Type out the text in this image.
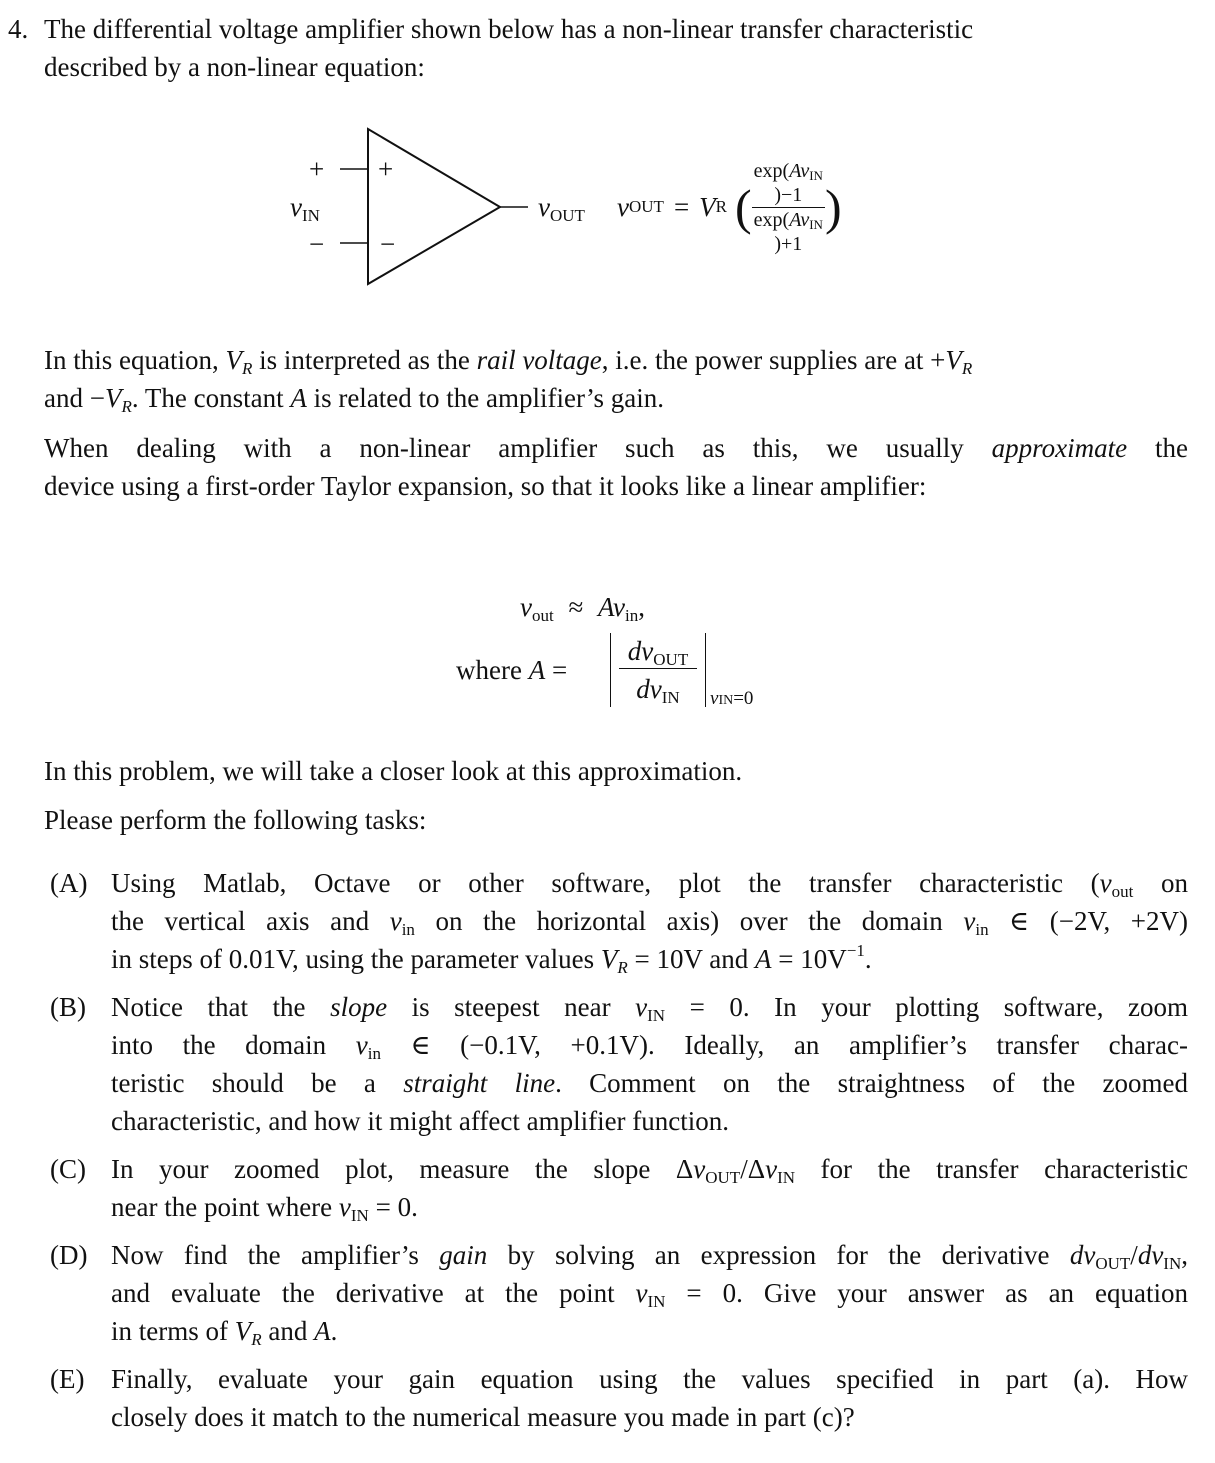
4. The differential voltage amplifier shown below has a non-linear transfer characteristic
described by a non-linear equation:
+
−
+
−
$v_{IN}$	$v_{OUT}$ v OUT = V R ( $\exp(Av_{IN}$
)−1
$\exp(Av_{IN}$
)+1 )
In this equation, $V_R$ is interpreted as the rail voltage, i.e. the power supplies are at $+V_R$
and $-V_R$. The constant A is related to the amplifier’s gain.
When dealing with a non-linear amplifier such as this, we usually approximate the
device using a first-order Taylor expansion, so that it looks like a linear amplifier:
$v_{out} \approx Av_{in}$,
where A =
$dv_{OUT}$
$dv_{IN}$	vIN=0
In this problem, we will take a closer look at this approximation.
Please perform the following tasks:
(A) Using Matlab, Octave or other software, plot the transfer characteristic ($v_{out}$ on
the vertical axis and $v_{in}$ on the horizontal axis) over the domain $v_{in}$ ∈ (−2V, +2V)
in steps of 0.01V, using the parameter values $V_R = 10V$ and $A = 10V^{-1}$.
(B) Notice that the slope is steepest near $v_{IN} = 0$. In your plotting software, zoom
into the domain $v_{in}$ ∈ (−0.1V, +0.1V). Ideally, an amplifier’s transfer charac-
teristic should be a straight line. Comment on the straightness of the zoomed
characteristic, and how it might affect amplifier function.
(C) In your zoomed plot, measure the slope $\Delta v_{OUT}/\Delta v_{IN}$ for the transfer characteristic
near the point where $v_{IN} = 0$.
(D) Now find the amplifier’s gain by solving an expression for the derivative $dv_{OUT}/dv_{IN}$,
and evaluate the derivative at the point $v_{IN} = 0$. Give your answer as an equation
in terms of $V_R$ and A.
(E) Finally, evaluate your gain equation using the values specified in part (a). How
closely does it match to the numerical measure you made in part (c)?
